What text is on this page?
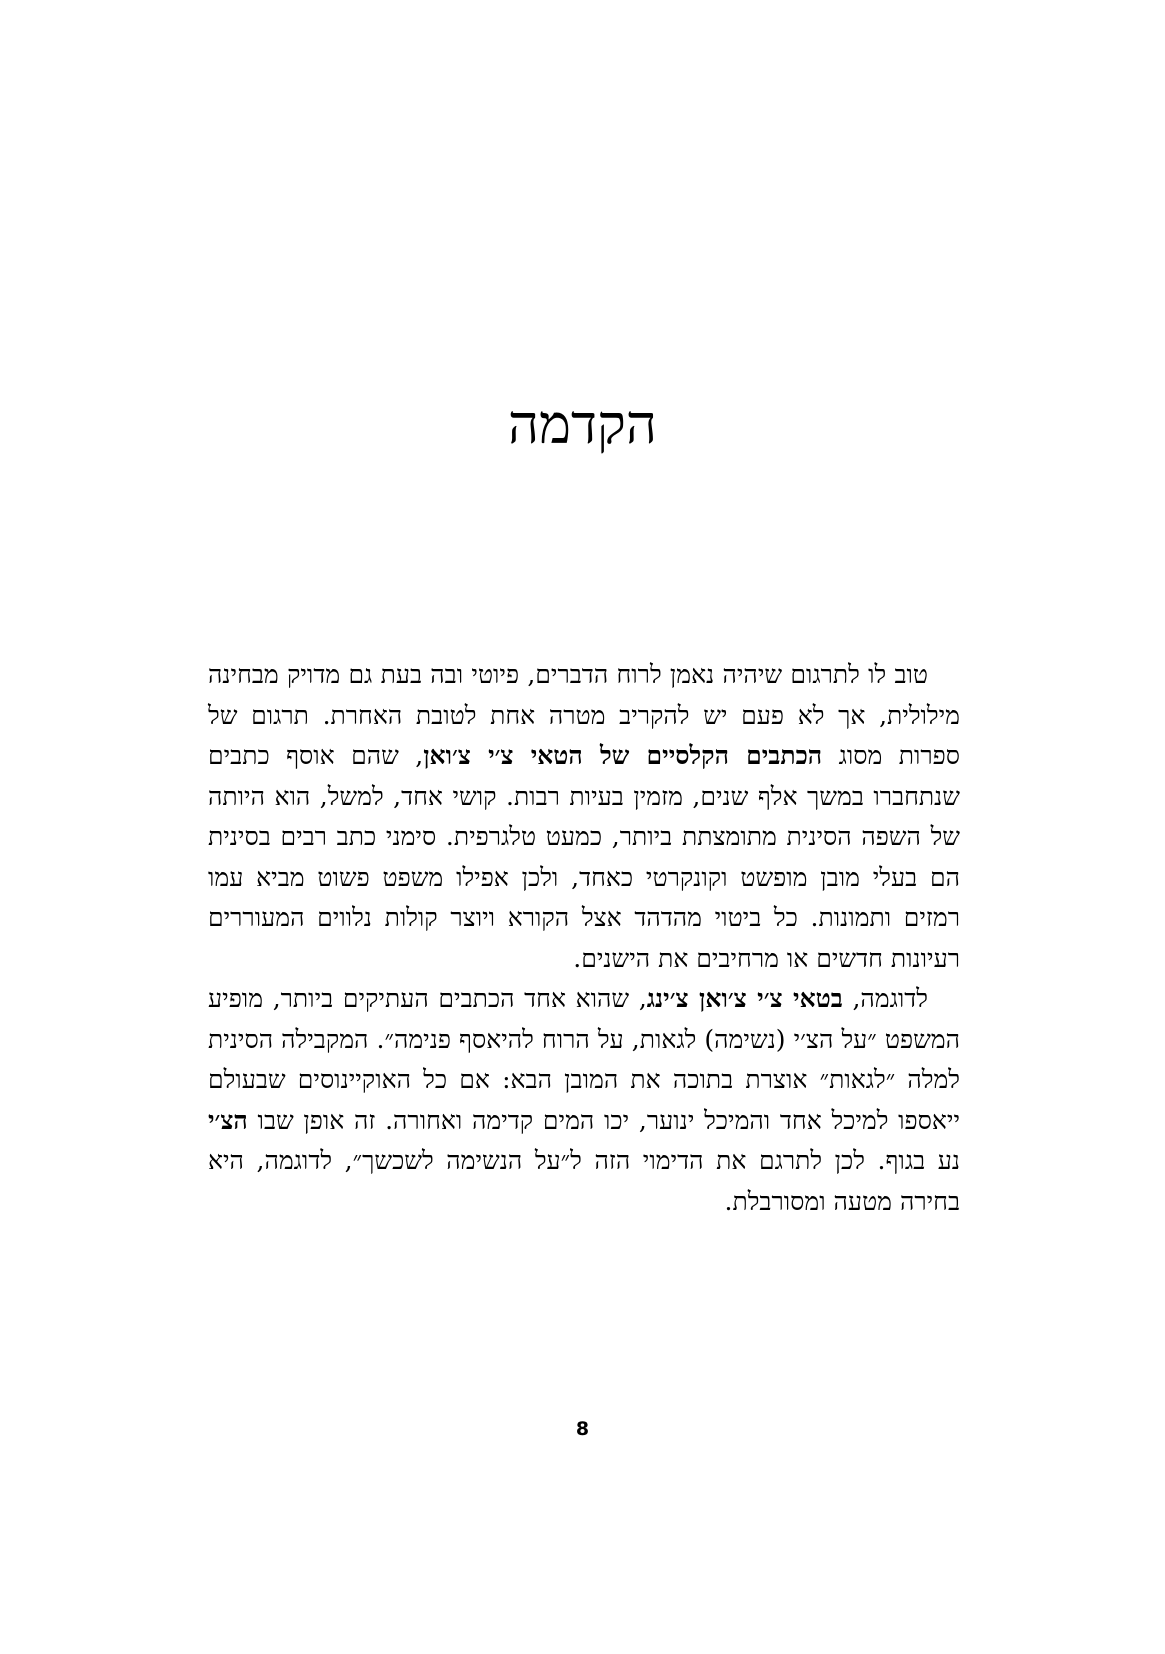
הקדמה

טוב לו לתרגום שיהיה נאמן לרוח הדברים, פיוטי ובה בעת גם מדויק מבחינה מילולית, אך לא פעם יש להקריב מטרה אחת לטובת האחרת. תרגום של ספרות מסוג הכתבים הקלסיים של הטאי צ׳י צ׳ואן, שהם אוסף כתבים שנתחברו במשך אלף שנים, מזמין בעיות רבות. קושי אחד, למשל, הוא היותה של השפה הסינית מתומצתת ביותר, כמעט טלגרפית. סימני כתב רבים בסינית הם בעלי מובן מופשט וקונקרטי כאחד, ולכן אפילו משפט פשוט מביא עמו רמזים ותמונות. כל ביטוי מהדהד אצל הקורא ויוצר קולות נלווים המעוררים רעיונות חדשים או מרחיבים את הישנים.

לדוגמה, בטאי צ׳י צ׳ואן צ׳ינג, שהוא אחד הכתבים העתיקים ביותר, מופיע המשפט ״על הצ׳י (נשימה) לגאות, על הרוח להיאסף פנימה״. המקבילה הסינית למלה ״לגאות״ אוצרת בתוכה את המובן הבא: אם כל האוקיינוסים שבעולם ייאספו למיכל אחד והמיכל ינוער, יכו המים קדימה ואחורה. זה אופן שבו הצ׳י נע בגוף. לכן לתרגם את הדימוי הזה ל״על הנשימה לשכשך״, לדוגמה, היא בחירה מטעה ומסורבלת.

8
